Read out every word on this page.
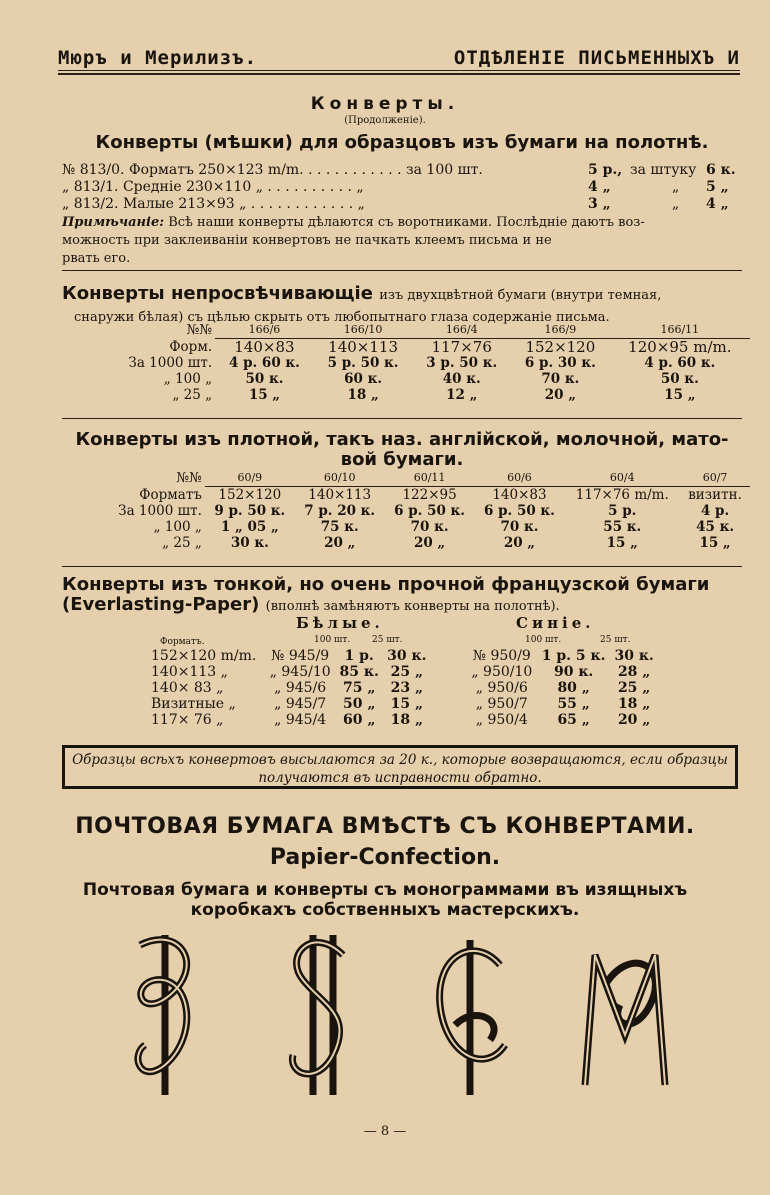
Мюръ и Мерилизъ.	ОТДѢЛЕНІЕ ПИСЬМЕННЫХЪ И
Конверты.
(Продолженіе).
Конверты (мѣшки) для образцовъ изъ бумаги на полотнѣ.
№ 813/0. Форматъ 250×123 m/m. . . . . . . . . . . . за 100 шт.	5 р., за штуку 6 к.
„ 813/1. Средніе 230×110 „ . . . . . . . . . . „	4 „	„ 5 „
„ 813/2. Малые 213×93 „ . . . . . . . . . . . . „	3 „	„ 4 „
Примѣчаніе: Всѣ наши конверты дѣлаются съ воротниками. Послѣдніе даютъ воз-
можность при заклеиваніи конвертовъ не пачкать клеемъ письма и не
рвать его.
Конверты непросвѣчивающіе изъ двухцвѣтной бумаги (внутри темная,
снаружи бѣлая) съ цѣлью скрыть отъ любопытнаго глаза содержаніе письма.
№№	166/6	166/10	166/4	166/9	166/11
Форм.	140×83	140×113	117×76	152×120	120×95 m/m.
За 1000 шт.	4 р. 60 к.	5 р. 50 к.	3 р. 50 к.	6 р. 30 к.	4 р. 60 к.
„ 100 „	50 к.	60 к.	40 к.	70 к.	50 к.
„ 25 „	15 „	18 „	12 „	20 „	15 „
Конверты изъ плотной, такъ наз. англійской, молочной, мато-
вой бумаги.
№№	60/9	60/10	60/11	60/6	60/4	60/7
Форматъ	152×120	140×113	122×95	140×83	117×76 m/m.	визитн.
За 1000 шт.	9 р. 50 к.	7 р. 20 к.	6 р. 50 к.	6 р. 50 к.	5 р.	4 р.
„ 100 „	1 „ 05 „	75 к.	70 к.	70 к.	55 к.	45 к.
„ 25 „	30 к.	20 „	20 „	20 „	15 „	15 „
Конверты изъ тонкой, но очень прочной французской бумаги
(Everlasting-Paper) (вполнѣ замѣняютъ конверты на полотнѣ).
Бѣлые.	Синіе.
Форматъ.	100 шт. 25 шт.	100 шт.	25 шт.
152×120 m/m.	№ 945/9	1 р.	30 к.		№ 950/9	1 р. 5 к.	30 к.
140×113 „	„ 945/10	85 к.	25 „		„ 950/10	90 к.	28 „
140× 83 „	„ 945/6	75 „	23 „		„ 950/6	80 „	25 „
Визитные „	„ 945/7	50 „	15 „		„ 950/7	55 „	18 „
117× 76 „	„ 945/4	60 „	18 „		„ 950/4	65 „	20 „
Образцы всѣхъ конвертовъ высылаются за 20 к., которые возвращаются, если образцы
получаются въ исправности обратно.
ПОЧТОВАЯ БУМАГА ВМѢСТѢ СЪ КОНВЕРТАМИ.
Papier-Confection.
Почтовая бумага и конверты съ монограммами въ изящныхъ
коробкахъ собственныхъ мастерскихъ.
— 8 —
